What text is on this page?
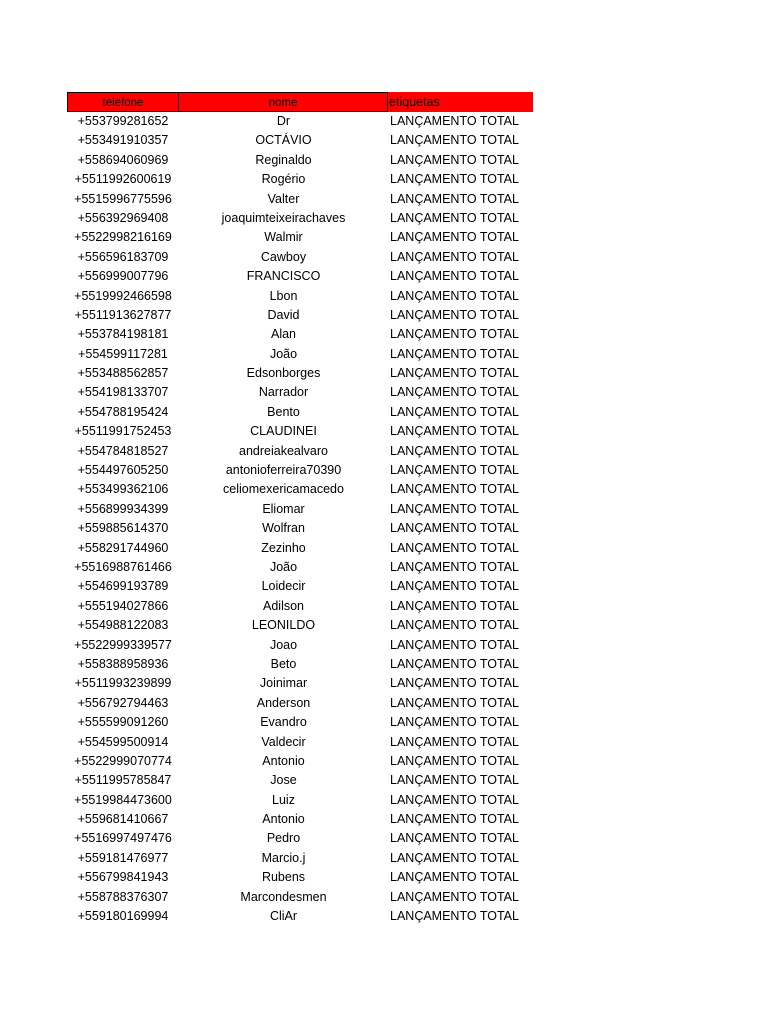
telefone	nome	etiquetas
+553799281652	Dr	LANÇAMENTO TOTAL
+553491910357	OCTÁVIO	LANÇAMENTO TOTAL
+558694060969	Reginaldo	LANÇAMENTO TOTAL
+5511992600619	Rogério	LANÇAMENTO TOTAL
+5515996775596	Valter	LANÇAMENTO TOTAL
+556392969408	joaquimteixeirachaves	LANÇAMENTO TOTAL
+5522998216169	Walmir	LANÇAMENTO TOTAL
+556596183709	Cawboy	LANÇAMENTO TOTAL
+556999007796	FRANCISCO	LANÇAMENTO TOTAL
+5519992466598	Lbon	LANÇAMENTO TOTAL
+5511913627877	David	LANÇAMENTO TOTAL
+553784198181	Alan	LANÇAMENTO TOTAL
+554599117281	João	LANÇAMENTO TOTAL
+553488562857	Edsonborges	LANÇAMENTO TOTAL
+554198133707	Narrador	LANÇAMENTO TOTAL
+554788195424	Bento	LANÇAMENTO TOTAL
+5511991752453	CLAUDINEI	LANÇAMENTO TOTAL
+554784818527	andreiakealvaro	LANÇAMENTO TOTAL
+554497605250	antonioferreira70390	LANÇAMENTO TOTAL
+553499362106	celiomexericamacedo	LANÇAMENTO TOTAL
+556899934399	Eliomar	LANÇAMENTO TOTAL
+559885614370	Wolfran	LANÇAMENTO TOTAL
+558291744960	Zezinho	LANÇAMENTO TOTAL
+5516988761466	João	LANÇAMENTO TOTAL
+554699193789	Loidecir	LANÇAMENTO TOTAL
+555194027866	Adilson	LANÇAMENTO TOTAL
+554988122083	LEONILDO	LANÇAMENTO TOTAL
+5522999339577	Joao	LANÇAMENTO TOTAL
+558388958936	Beto	LANÇAMENTO TOTAL
+5511993239899	Joinimar	LANÇAMENTO TOTAL
+556792794463	Anderson	LANÇAMENTO TOTAL
+555599091260	Evandro	LANÇAMENTO TOTAL
+554599500914	Valdecir	LANÇAMENTO TOTAL
+5522999070774	Antonio	LANÇAMENTO TOTAL
+5511995785847	Jose	LANÇAMENTO TOTAL
+5519984473600	Luiz	LANÇAMENTO TOTAL
+559681410667	Antonio	LANÇAMENTO TOTAL
+5516997497476	Pedro	LANÇAMENTO TOTAL
+559181476977	Marcio.j	LANÇAMENTO TOTAL
+556799841943	Rubens	LANÇAMENTO TOTAL
+558788376307	Marcondesmen	LANÇAMENTO TOTAL
+559180169994	CliAr	LANÇAMENTO TOTAL
